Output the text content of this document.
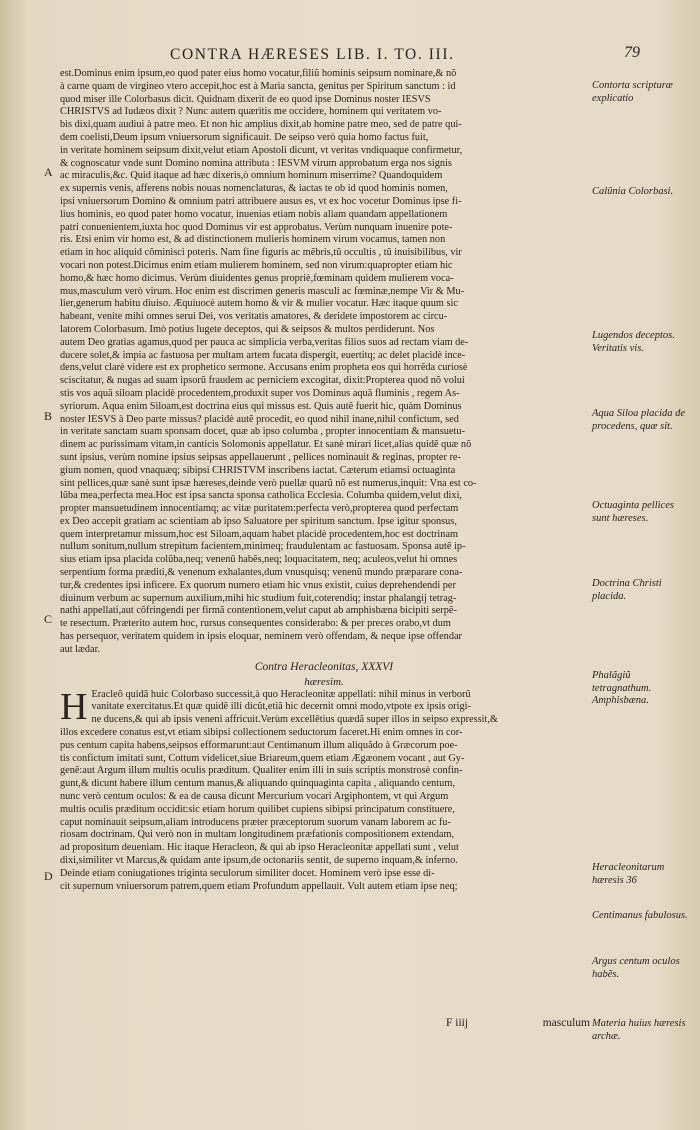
CONTRA HÆRESES LIB. I. TO. III.	79
est.Dominus enim ipsum,eo quod pater eius homo vocatur,filiũ hominis seipsum nominare,& nõ
à carne quam de virgineo vtero accepit,hoc est à Maria sancta, genitus per Spiritum sanctum : id
quod miser ille Colorbasus dicit. Quidnam dixerit de eo quod ipse Dominus noster IESVS
CHRISTVS ad Iudæos dixit ? Nunc autem quæritis me occidere, hominem qui veritatem vo-
bis dixi,quam audiui à patre meo. Et non hic amplius dixit,ab homine patre meo, sed de patre qui-
dem coelisti,Deum ipsum vniuersorum significauit. De seipso verò quia homo factus fuit,
in veritate hominem seipsum dixit,velut etiam Apostoli dicunt, vt veritas vndiquaque confirmetur,
& cognoscatur vnde sunt Domino nomina attributa : IESVM virum approbatum erga nos signis
ac miraculis,&c. Quid itaque ad hæc dixeris,ò omnium hominum miserrime? Quandoquidem
ex supernis venis, afferens nobis nouas nomenclaturas, & iactas te ob id quod hominis nomen,
ipsi vniuersorum Domino & omnium patri attribuere ausus es, vt ex hoc vocetur Dominus ipse fi-
lius hominis, eo quod pater homo vocatur, inuenias etiam nobis aliam quandam appellationem
patri conuenientem,iuxta hoc quod Dominus vir est approbatus. Verùm nunquam inuenire pote-
ris. Etsi enim vir homo est, & ad distinctionem mulieris hominem virum vocamus, tamen non
etiam in hoc aliquid cõminisci poteris. Nam fine figuris ac mẽbris,tũ occultis , tũ inuisibilibus, vir
vocari non potest.Dicimus enim etiam mulierem hominem, sed non virum:quapropter etiam hic
homo,& hæc homo dicimus. Verùm diuidentes genus propriè,fœminam quidem mulierem voca-
mus,masculum verò virum. Hoc enim est discrimen generis masculi ac fœminæ,nempe Vir & Mu-
lier,generum habitu diuiso. Æquiuocè autem homo & vir & mulier vocatur. Hæc itaque quum sic
habeant, venite mihi omnes serui Dei, vos veritatis amatores, & deridete impostorem ac circu-
latorem Colorbasum. Imò potius lugete deceptos, qui & seipsos & multos perdiderunt. Nos
autem Deo gratias agamus,quod per pauca ac simplicia verba,veritas filios suos ad rectam viam de-
ducere solet,& impia ac fastuosa per multam artem fucata dispergit, euertitq; ac delet placidè ince-
dens,velut clarè videre est ex prophetico sermone. Accusans enim propheta eos qui horrẽda curiosè
sciscitatur, & nugas ad suam ipsorũ fraudem ac perniciem excogitat, dixit:Propterea quod nõ volui
stis vos aquã siloam placidè procedentem,produxit super vos Dominus aquã fluminis , regem As-
syriorum. Aqua enim Siloam,est doctrina eius qui missus est. Quis autẽ fuerit hic, quàm Dominus
noster IESVS à Deo parte missus? placidè autẽ procedit, eo quod nihil inane,nihil confictum, sed
in veritate sanctam suam sponsam docet, quæ ab ipso columba , propter innocentiam & mansuetu-
dinem ac purissimam vitam,in canticis Solomonis appellatur. Et sanè mirari licet,alias quidẽ quæ nõ
sunt ipsius, verùm nomine ipsius seipsas appellauerunt , pellices nominauit & reginas, propter re-
gium nomen, quod vnaquæq; sibipsi CHRISTVM inscribens iactat. Cæterum etiamsi octuaginta
sint pellices,quæ sanè sunt ipsæ hæreses,deinde verò puellæ quarũ nõ est numerus,inquit: Vna est co-
lũba mea,perfecta mea.Hoc est ipsa sancta sponsa catholica Ecclesia. Columba quidem,velut dixi,
propter mansuetudinem innocentiamq; ac vitæ puritatem:perfecta verò,propterea quod perfectam
ex Deo accepit gratiam ac scientiam ab ipso Saluatore per spiritum sanctum. Ipse igitur sponsus,
quem interpretamur missum,hoc est Siloam,aquam habet placidè procedentem,hoc est doctrinam
nullum sonitum,nullum strepitum facientem,minimeq; fraudulentam ac fastuosam. Sponsa autẽ ip-
sius etiam ipsa placida colũba,neq; venenũ habẽs,neq; loquacitatem, neq; aculeos,velut hi omnes
serpentium forma præditi,& venenum exhalantes,dum vnusquisq; venenũ mundo præparare cona-
tur,& credentes ipsi inficere. Ex quorum numero etiam hic vnus existit, cuius deprehendendi per
diuinum verbum ac supernum auxilium,mihi hic studium fuit,coterendiq; instar phalangij tetrag-
nathi appellati,aut cõfringendi per firmã contentionem,velut caput ab amphisbæna bicipiti serpẽ-
te resectum. Præterito autem hoc, rursus consequentes considerabo: & per preces orabo,vt dum
has persequor, veritatem quidem in ipsis eloquar, neminem verò offendam, & neque ipse offendar
aut lædar.
Contra Heracleonitas, XXXVI
hæresim.
H Eracleõ quidã huic Colorbaso successit,à quo Heracleonitæ appellati: nihil minus in verborũ
vanitate exercitatus.Et quæ quidẽ illi dicũt,etiã hic decernit omni modo,vtpote ex ipsis origi-
ne ducens,& qui ab ipsis veneni affricuit.Verùm excellētius quædã super illos in seipso expressit,&
illos excedere conatus est,vt etiam sibipsi collectionem seductorum faceret.Hi enim omnes in cor-
pus centum capita habens,seipsos efformarunt:aut Centimanum illum aliquãdo à Græcorum poe-
tis confictum imitati sunt, Cottum videlicet,siue Briareum,quem etiam Ægæonem vocant , aut Gy-
genẽ:aut Argum illum multis oculis præditum. Qualiter enim illi in suis scriptis monstrosè confin-
gunt,& dicunt habere illum centum manus,& aliquando quinquaginta capita , aliquando centum,
nunc verò centum oculos: & ea de causa dicunt Mercurium vocari Argiphontem, vt qui Argum
multis oculis præditum occidit:sic etiam horum quilibet cupiens sibipsi principatum constituere,
caput nominauit seipsum,aliam introducens præter præceptorum suorum vanam laborem ac fu-
riosam doctrinam. Qui verò non in multam longitudinem præfationis compositionem extendam,
ad propositum deueniam. Hic itaque Heracleon, & qui ab ipso Heracleonitæ appellati sunt , velut
dixi,similiter vt Marcus,& quidam ante ipsum,de octonariis sentit, de superno inquam,& inferno.
Deinde etiam coniugationes triginta seculorum similiter docet. Hominem verò ipse esse di-
cit supernum vniuersorum patrem,quem etiam Profundum appellauit. Vult autem etiam ipse neq;
A
B
C
D
Contorta scripturæ explicatio
Calũnia Colorbasi.
Lugendos deceptos. Veritatis vis.
Aqua Siloa placida de procedens, quæ sit.
Octuaginta pellices sunt hæreses.
Doctrina Christi placida.
Phalãgiũ tetragnathum. Amphisbæna.
Heracleonitarum hæresis 36
Centimanus fabulosus.
Argus centum oculos habẽs.
Materia huius hæresis archæ.
F iiij	masculum
